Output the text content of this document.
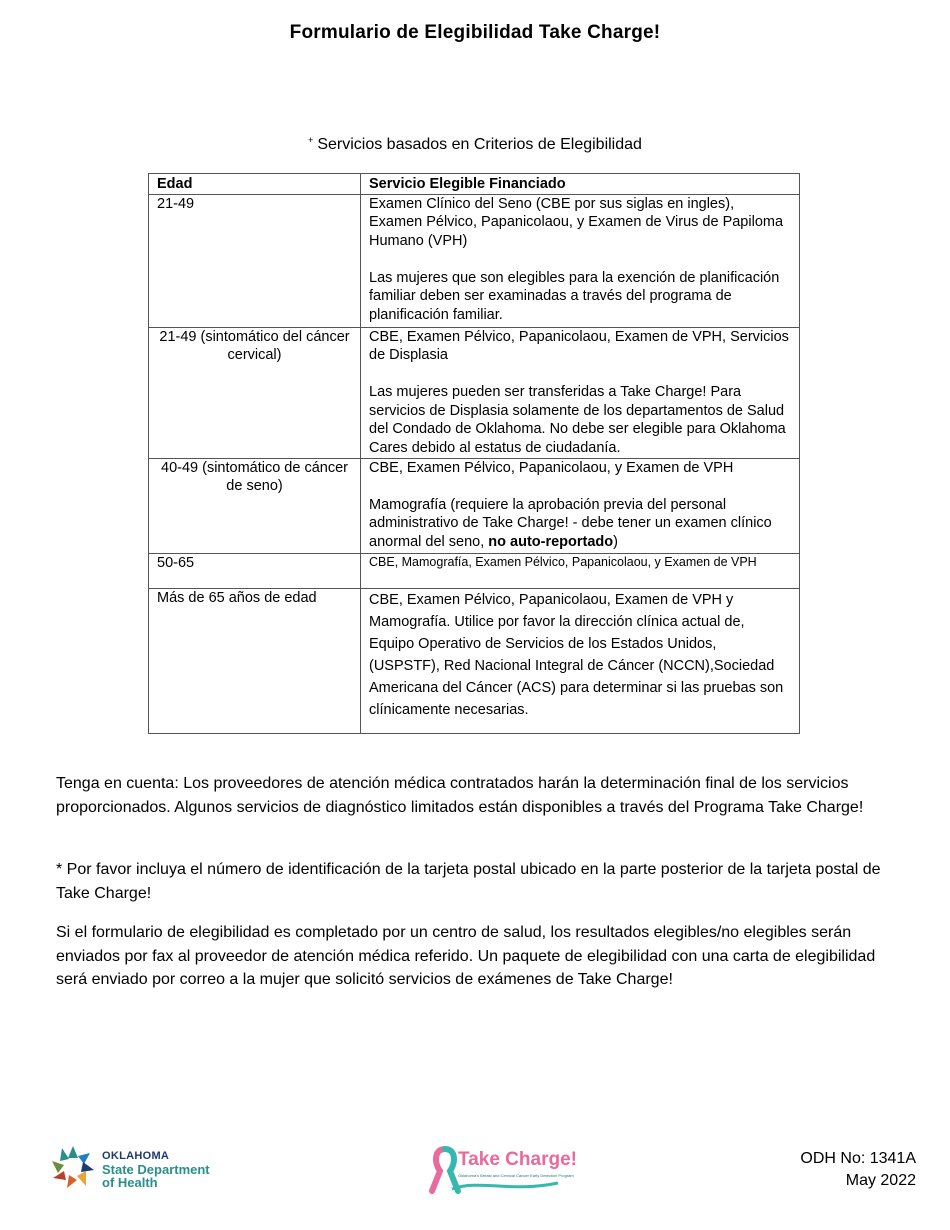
Formulario de Elegibilidad Take Charge!
+ Servicios basados en Criterios de Elegibilidad
Edad	Servicio Elegible Financiado
21-49	Examen Clínico del Seno (CBE por sus siglas en ingles), Examen Pélvico, Papanicolaou, y Examen de Virus de Papiloma Humano (VPH)
Las mujeres que son elegibles para la exención de planificación familiar deben ser examinadas a través del programa de planificación familiar.

21-49 (sintomático del cáncer cervical)	CBE, Examen Pélvico, Papanicolaou, Examen de VPH, Servicios de Displasia
Las mujeres pueden ser transferidas a Take Charge! Para servicios de Displasia solamente de los departamentos de Salud del Condado de Oklahoma. No debe ser elegible para Oklahoma Cares debido al estatus de ciudadanía.

40-49 (sintomático de cáncer de seno)	CBE, Examen Pélvico, Papanicolaou, y Examen de VPH
Mamografía (requiere la aprobación previa del personal administrativo de Take Charge! - debe tener un examen clínico anormal del seno, no auto-reportado)

50-65	CBE, Mamografía, Examen Pélvico, Papanicolaou, y Examen de VPH
Más de 65 años de edad	CBE, Examen Pélvico, Papanicolaou, Examen de VPH y Mamografía. Utilice por favor la dirección clínica actual de, Equipo Operativo de Servicios de los Estados Unidos, (USPSTF), Red Nacional Integral de Cáncer (NCCN),Sociedad Americana del Cáncer (ACS) para determinar si las pruebas son clínicamente necesarias.

Tenga en cuenta: Los proveedores de atención médica contratados harán la determinación final de los servicios proporcionados. Algunos servicios de diagnóstico limitados están disponibles a través del Programa Take Charge!

* Por favor incluya el número de identificación de la tarjeta postal ubicado en la parte posterior de la tarjeta postal de Take Charge!

Si el formulario de elegibilidad es completado por un centro de salud, los resultados elegibles/no elegibles serán enviados por fax al proveedor de atención médica referido. Un paquete de elegibilidad con una carta de elegibilidad será enviado por correo a la mujer que solicitó servicios de exámenes de Take Charge!

OKLAHOMA
State Department
of Health
Take Charge!
Oklahoma's Breast and Cervical Cancer Early Detection Program
ODH No: 1341A
May 2022
